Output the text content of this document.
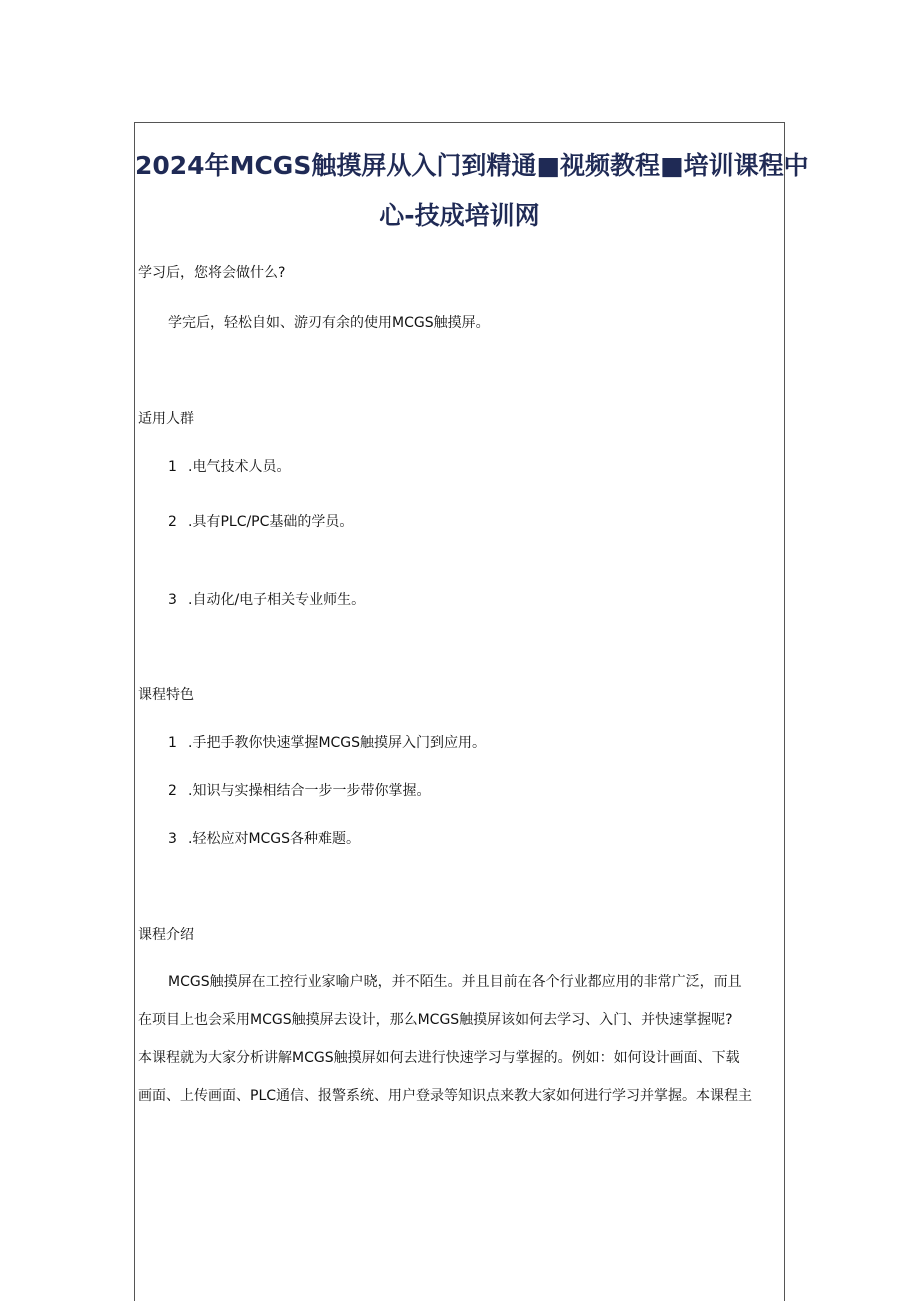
2024年MCGS触摸屏从入门到精通■视频教程■培训课程中
心-技成培训网
学习后，您将会做什么?
学完后，轻松自如、游刃有余的使用MCGS触摸屏。
适用人群
1 .电气技术人员。
2 .具有PLC/PC基础的学员。
3 .自动化/电子相关专业师生。
课程特色
1 .手把手教你快速掌握MCGS触摸屏入门到应用。
2 .知识与实操相结合一步一步带你掌握。
3 .轻松应对MCGS各种难题。
课程介绍
MCGS触摸屏在工控行业家喻户晓，并不陌生。并且目前在各个行业都应用的非常广泛，而且
在项目上也会采用MCGS触摸屏去设计，那么MCGS触摸屏该如何去学习、入门、并快速掌握呢?
本课程就为大家分析讲解MCGS触摸屏如何去进行快速学习与掌握的。例如：如何设计画面、下载
画面、上传画面、PLC通信、报警系统、用户登录等知识点来教大家如何进行学习并掌握。本课程主
